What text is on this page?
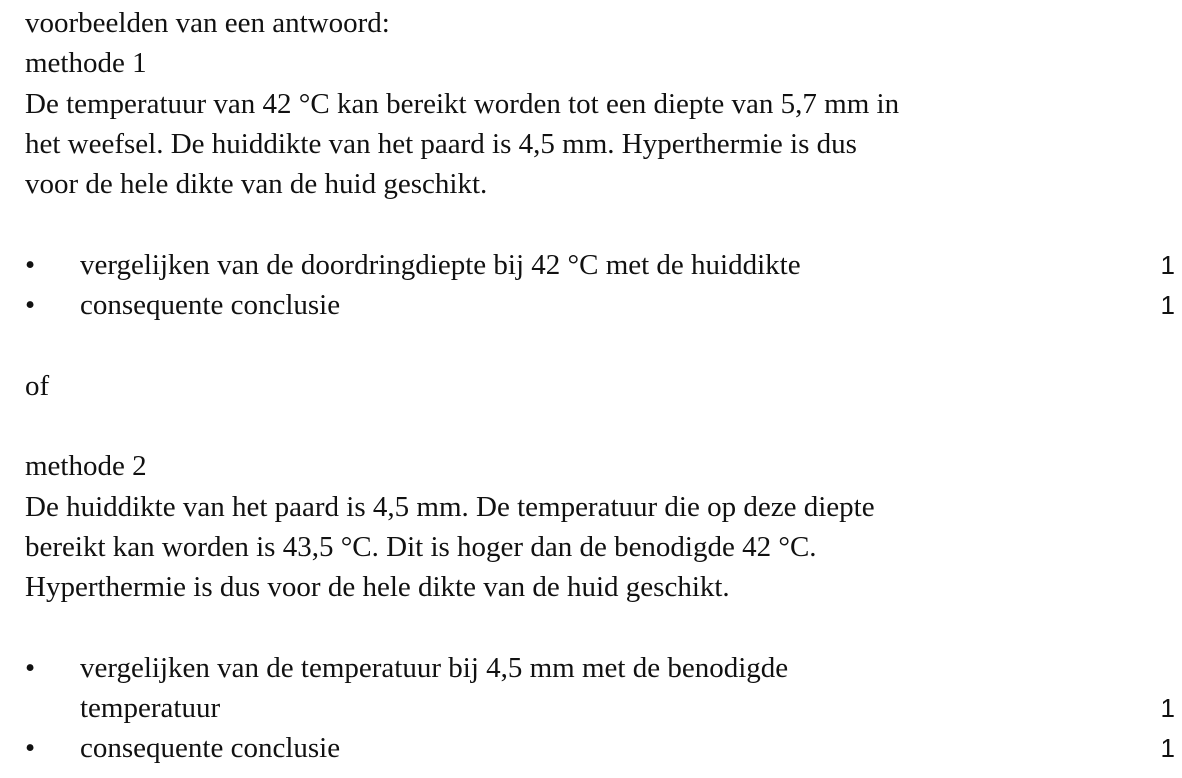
voorbeelden van een antwoord:
methode 1
De temperatuur van 42 °C kan bereikt worden tot een diepte van 5,7 mm in
het weefsel. De huiddikte van het paard is 4,5 mm. Hyperthermie is dus
voor de hele dikte van de huid geschikt.
•	vergelijken van de doordringdiepte bij 42 °C met de huiddikte	1
•	consequente conclusie	1
of
methode 2
De huiddikte van het paard is 4,5 mm. De temperatuur die op deze diepte
bereikt kan worden is 43,5 °C. Dit is hoger dan de benodigde 42 °C.
Hyperthermie is dus voor de hele dikte van de huid geschikt.
•	vergelijken van de temperatuur bij 4,5 mm met de benodigde
temperatuur	1
•	consequente conclusie	1
